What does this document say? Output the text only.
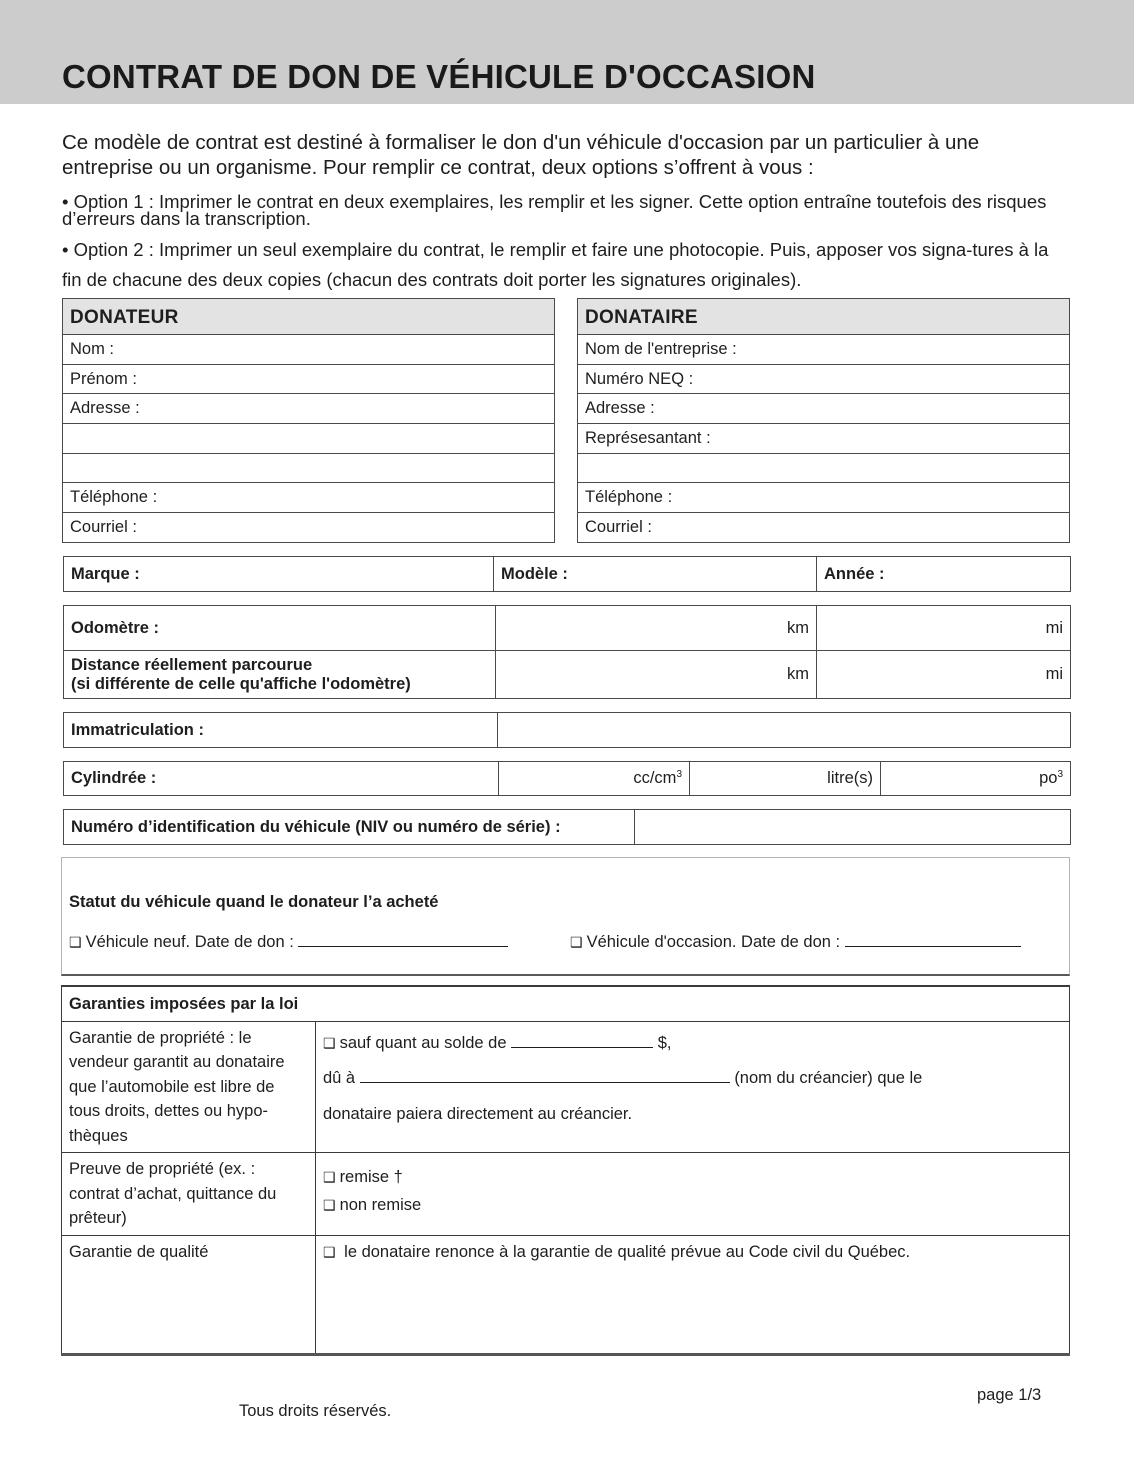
CONTRAT DE DON DE VÉHICULE D'OCCASION

Ce modèle de contrat est destiné à formaliser le don d'un véhicule d'occasion par un particulier à une entreprise ou un organisme. Pour remplir ce contrat, deux options s’offrent à vous :

• Option 1 : Imprimer le contrat en deux exemplaires, les remplir et les signer. Cette option entraîne toutefois des risques d’erreurs dans la transcription.

• Option 2 : Imprimer un seul exemplaire du contrat, le remplir et faire une photocopie. Puis, apposer vos signa-tures à la fin de chacune des deux copies (chacun des contrats doit porter les signatures originales).

DONATEUR
Nom :
Prénom :
Adresse :

Téléphone :
Courriel :
DONATAIRE
Nom de l'entreprise :
Numéro NEQ :
Adresse :
Représesantant :

Téléphone :
Courriel :
Marque :	Modèle :	Année :
Odomètre :	km	mi
Distance réellement parcourue
(si différente de celle qu'affiche l'odomètre)	km	mi
Immatriculation :	
Cylindrée :	$cc/cm^3$	litre(s)	$po^3$
Numéro d’identification du véhicule (NIV ou numéro de série) :	
Statut du véhicule quand le donateur l’a acheté
❑ Véhicule neuf. Date de don :	❑ Véhicule d'occasion. Date de don :
Garanties imposées par la loi	
Garantie de propriété : le vendeur garantit au donataire que l’automobile est libre de tous droits, dettes ou hypo-thèques	❑ sauf quant au solde de $,
dû à (nom du créancier) que le
donataire paiera directement au créancier.

Preuve de propriété (ex. : contrat d’achat, quittance du prêteur)	❑ remise †
❑ non remise

Garantie de qualité	❑ le donataire renonce à la garantie de qualité prévue au Code civil du Québec.
Tous droits réservés.
page 1/3
